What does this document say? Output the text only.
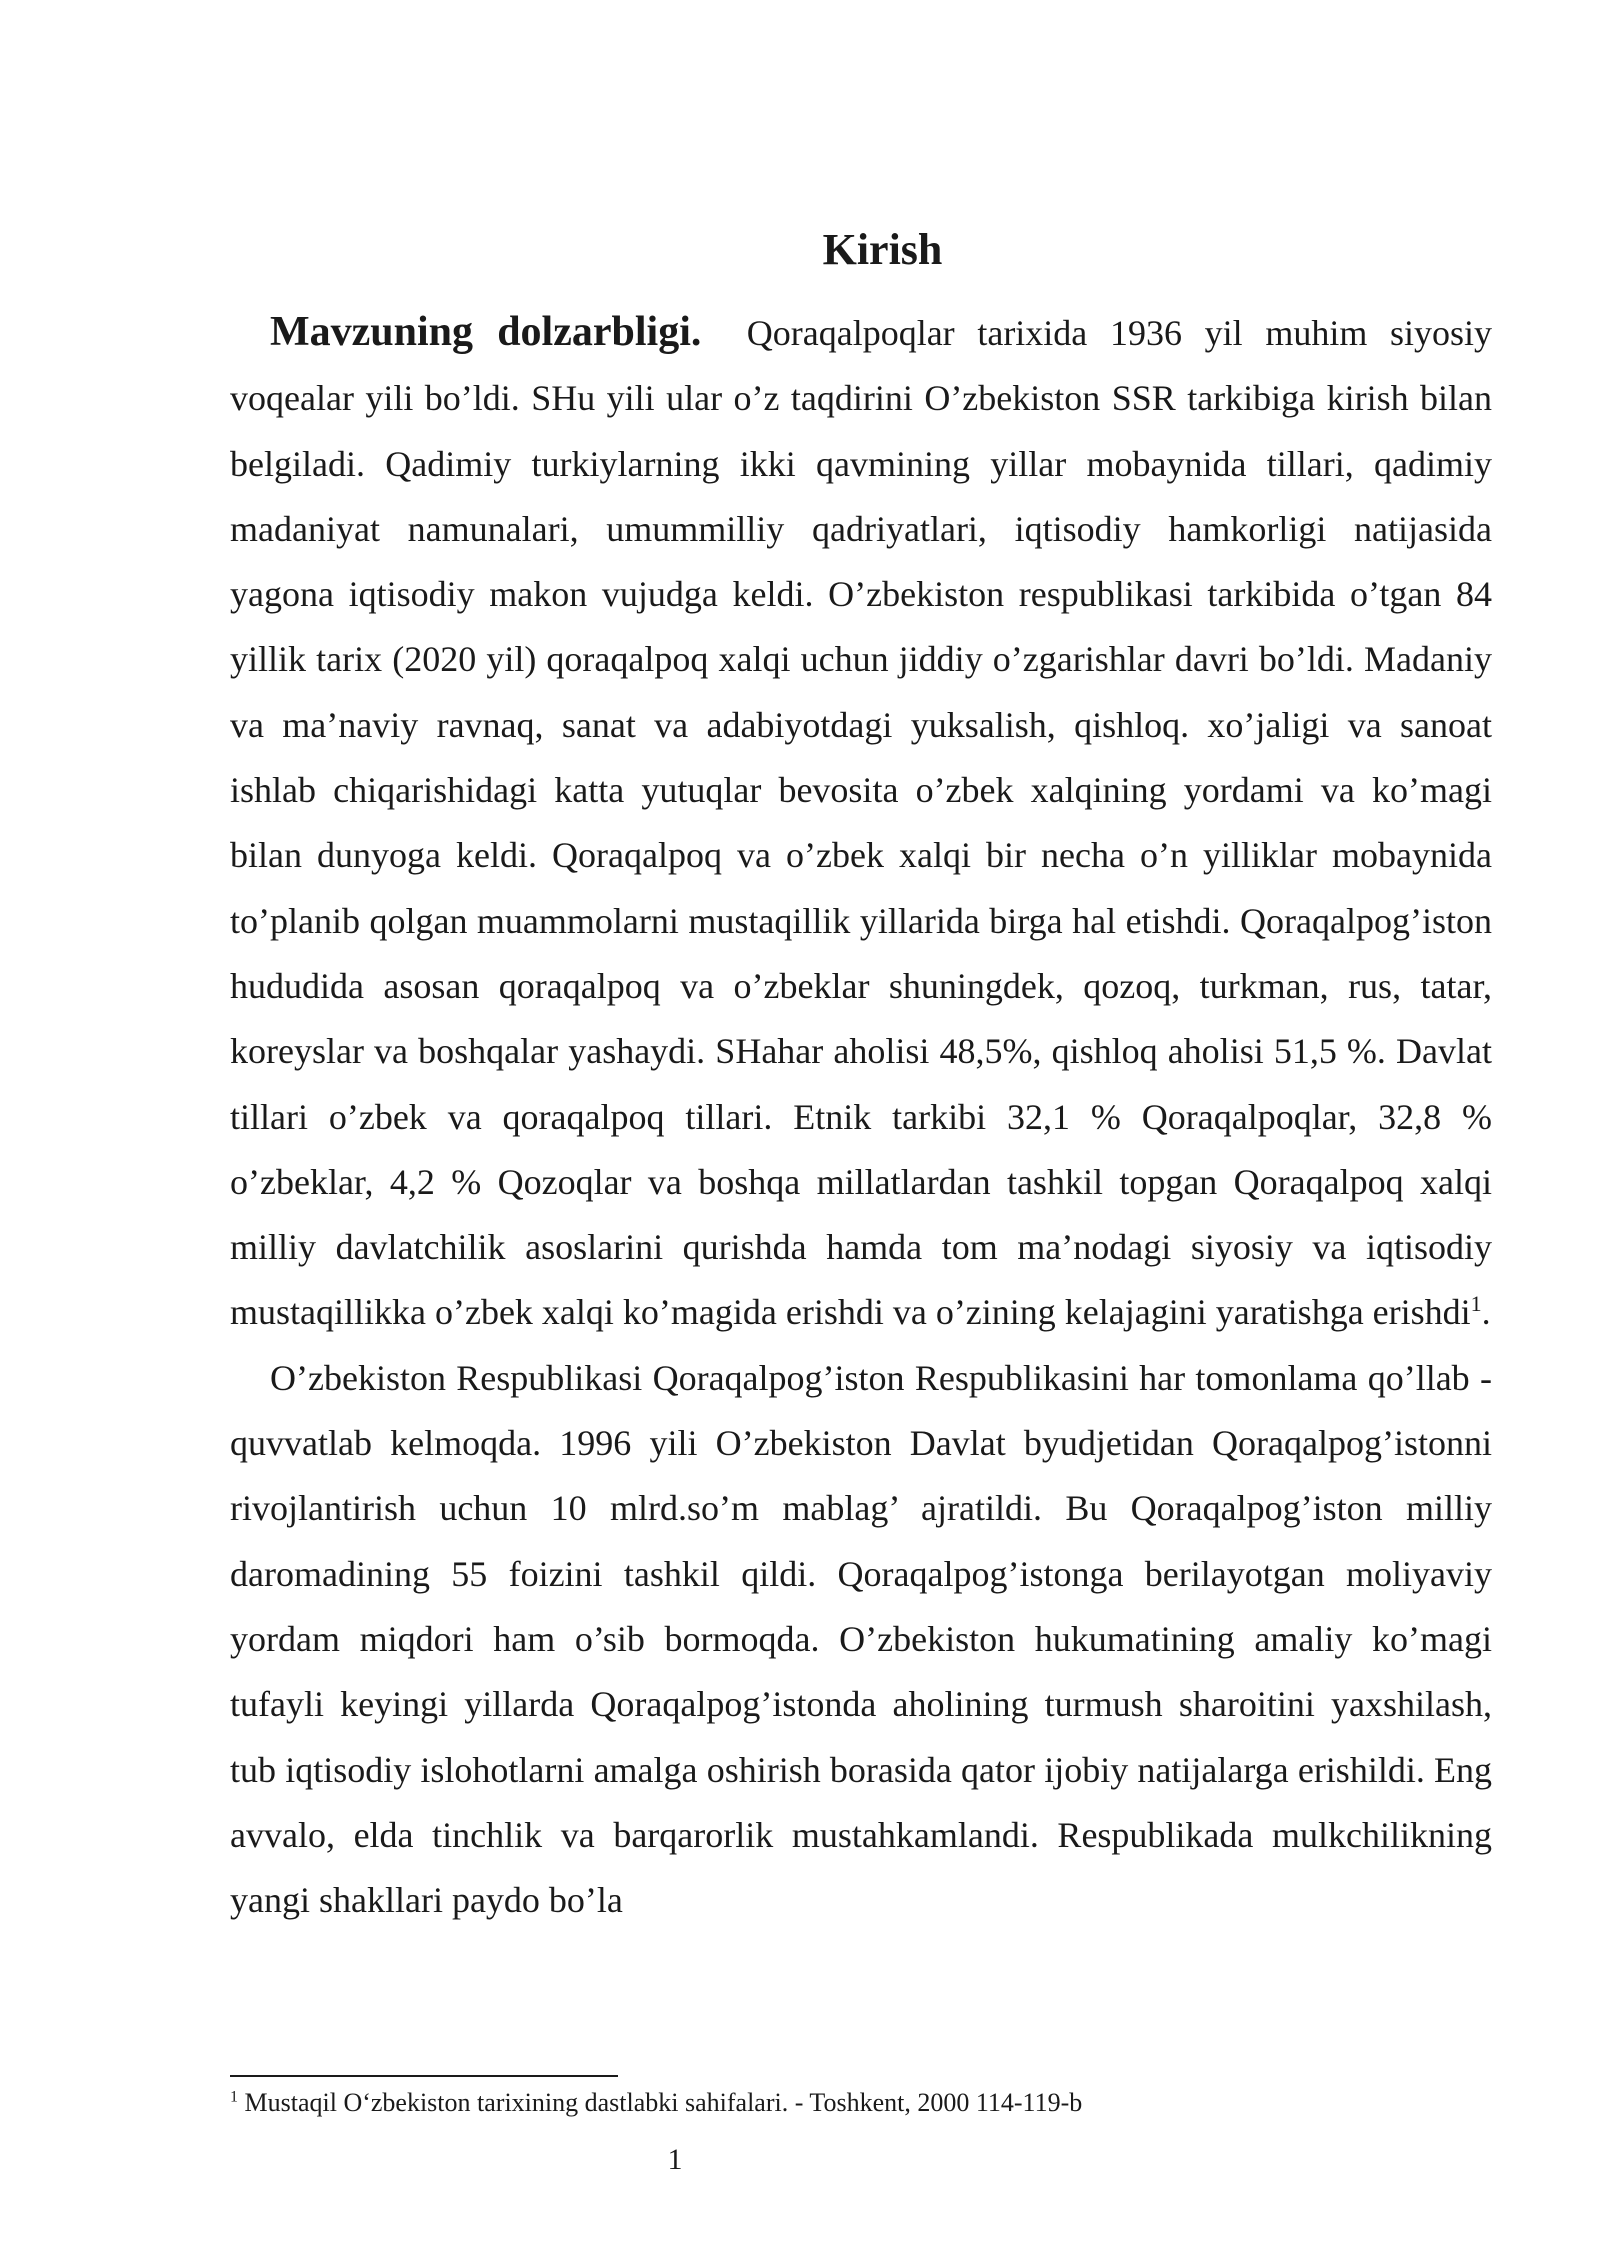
Kirish

Mavzuning dolzarbligi. Qoraqalpoqlar tarixida 1936 yil muhim siyosiy voqealar yili bo’ldi. SHu yili ular o’z taqdirini O’zbekiston SSR tarkibiga kirish bilan belgiladi. Qadimiy turkiylarning ikki qavmining yillar mobaynida tillari, qadimiy madaniyat namunalari, umummilliy qadriyatlari, iqtisodiy hamkorligi natijasida yagona iqtisodiy makon vujudga keldi. O’zbekiston respublikasi tarkibida o’tgan 84 yillik tarix (2020 yil) qoraqalpoq xalqi uchun jiddiy o’zgarishlar davri bo’ldi. Madaniy va ma’naviy ravnaq, sanat va adabiyotdagi yuksalish, qishloq. xo’jaligi va sanoat ishlab chiqarishidagi katta yutuqlar bevosita o’zbek xalqining yordami va ko’magi bilan dunyoga keldi. Qoraqalpoq va o’zbek xalqi bir necha o’n yilliklar mobaynida to’planib qolgan muammolarni mustaqillik yillarida birga hal etishdi. Qoraqalpog’iston hududida asosan qoraqalpoq va o’zbeklar shuningdek, qozoq, turkman, rus, tatar, koreyslar va boshqalar yashaydi. SHahar aholisi 48,5%, qishloq aholisi 51,5 %. Davlat tillari o’zbek va qoraqalpoq tillari. Etnik tarkibi 32,1 % Qoraqalpoqlar, 32,8 % o’zbeklar, 4,2 % Qozoqlar va boshqa millatlardan tashkil topgan Qoraqalpoq xalqi milliy davlatchilik asoslarini qurishda hamda tom ma’nodagi siyosiy va iqtisodiy mustaqillikka o’zbek xalqi ko’magida erishdi va o’zining kelajagini yaratishga erishdi$^1$.

O’zbekiston Respublikasi Qoraqalpog’iston Respublikasini har tomonlama qo’llab - quvvatlab kelmoqda. 1996 yili O’zbekiston Davlat byudjetidan Qoraqalpog’istonni rivojlantirish uchun 10 mlrd.so’m mablag’ ajratildi. Bu Qoraqalpog’iston milliy daromadining 55 foizini tashkil qildi. Qoraqalpog’istonga berilayotgan moliyaviy yordam miqdori ham o’sib bormoqda. O’zbekiston hukumatining amaliy ko’magi tufayli keyingi yillarda Qoraqalpog’istonda aholining turmush sharoitini yaxshilash, tub iqtisodiy islohotlarni amalga oshirish borasida qator ijobiy natijalarga erishildi. Eng avvalo, elda tinchlik va barqarorlik mustahkamlandi. Respublikada mulkchilikning yangi shakllari paydo bo’la

$^1$ Mustaqil O‘zbekiston tarixining dastlabki sahifalari. - Toshkent, 2000 114-119-b
1
